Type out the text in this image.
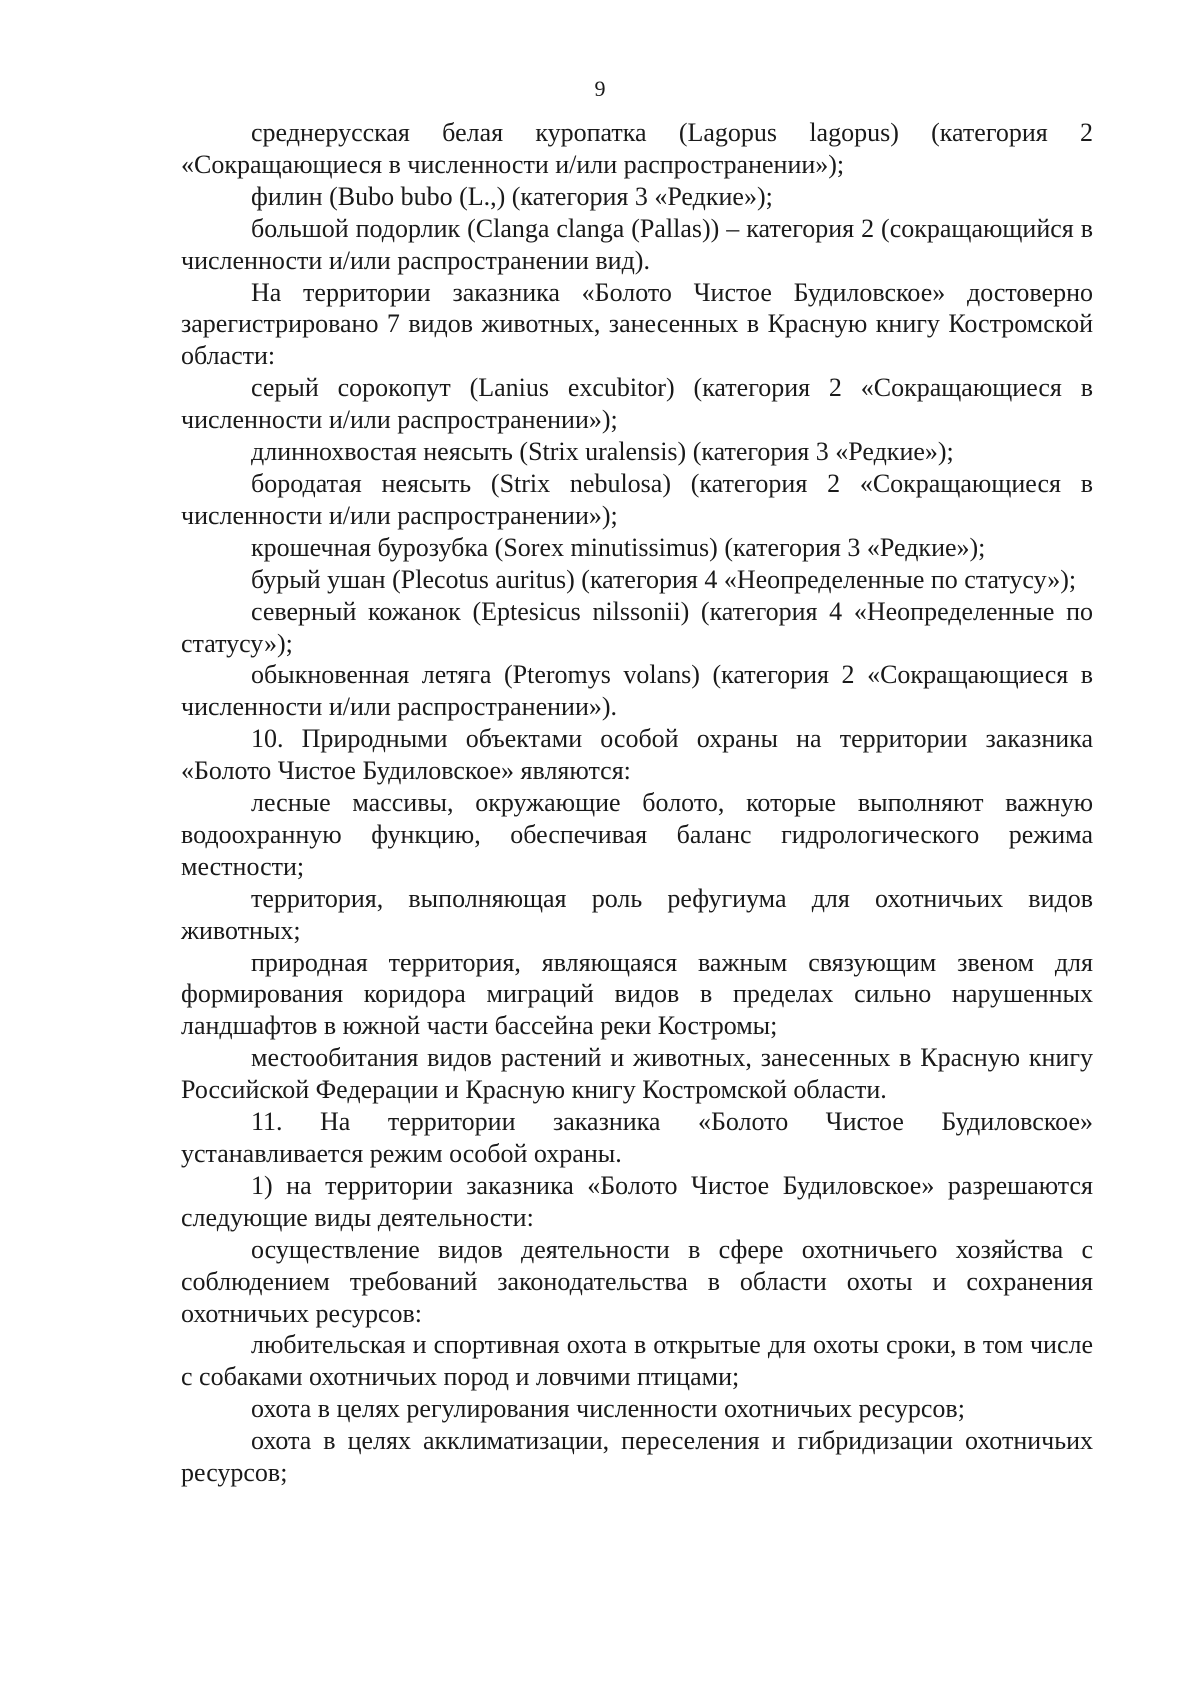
9

среднерусская белая куропатка (Lagopus lagopus) (категория 2 «Сокращающиеся в численности и/или распространении»);

филин (Bubo bubo (L.,) (категория 3 «Редкие»);

большой подорлик (Clanga clanga (Pallas)) – категория 2 (сокращающийся в численности и/или распространении вид).

На территории заказника «Болото Чистое Будиловское» достоверно зарегистрировано 7 видов животных, занесенных в Красную книгу Костромской области:

серый сорокопут (Lanius excubitor) (категория 2 «Сокращающиеся в численности и/или распространении»);

длиннохвостая неясыть (Strix uralensis) (категория 3 «Редкие»);

бородатая неясыть (Strix nebulosa) (категория 2 «Сокращающиеся в численности и/или распространении»);

крошечная бурозубка (Sorex minutissimus) (категория 3 «Редкие»);

бурый ушан (Plecotus auritus) (категория 4 «Неопределенные по статусу»);

северный кожанок (Eptesicus nilssonii) (категория 4 «Неопределенные по статусу»);

обыкновенная летяга (Pteromys volans) (категория 2 «Сокращающиеся в численности и/или распространении»).

10. Природными объектами особой охраны на территории заказника «Болото Чистое Будиловское» являются:

лесные массивы, окружающие болото, которые выполняют важную водоохранную функцию, обеспечивая баланс гидрологического режима местности;

территория, выполняющая роль рефугиума для охотничьих видов животных;

природная территория, являющаяся важным связующим звеном для формирования коридора миграций видов в пределах сильно нарушенных ландшафтов в южной части бассейна реки Костромы;

местообитания видов растений и животных, занесенных в Красную книгу Российской Федерации и Красную книгу Костромской области.

11. На территории заказника «Болото Чистое Будиловское» устанавливается режим особой охраны.

1) на территории заказника «Болото Чистое Будиловское» разрешаются следующие виды деятельности:

осуществление видов деятельности в сфере охотничьего хозяйства с соблюдением требований законодательства в области охоты и сохранения охотничьих ресурсов:

любительская и спортивная охота в открытые для охоты сроки, в том числе с собаками охотничьих пород и ловчими птицами;

охота в целях регулирования численности охотничьих ресурсов;

охота в целях акклиматизации, переселения и гибридизации охотничьих ресурсов;
